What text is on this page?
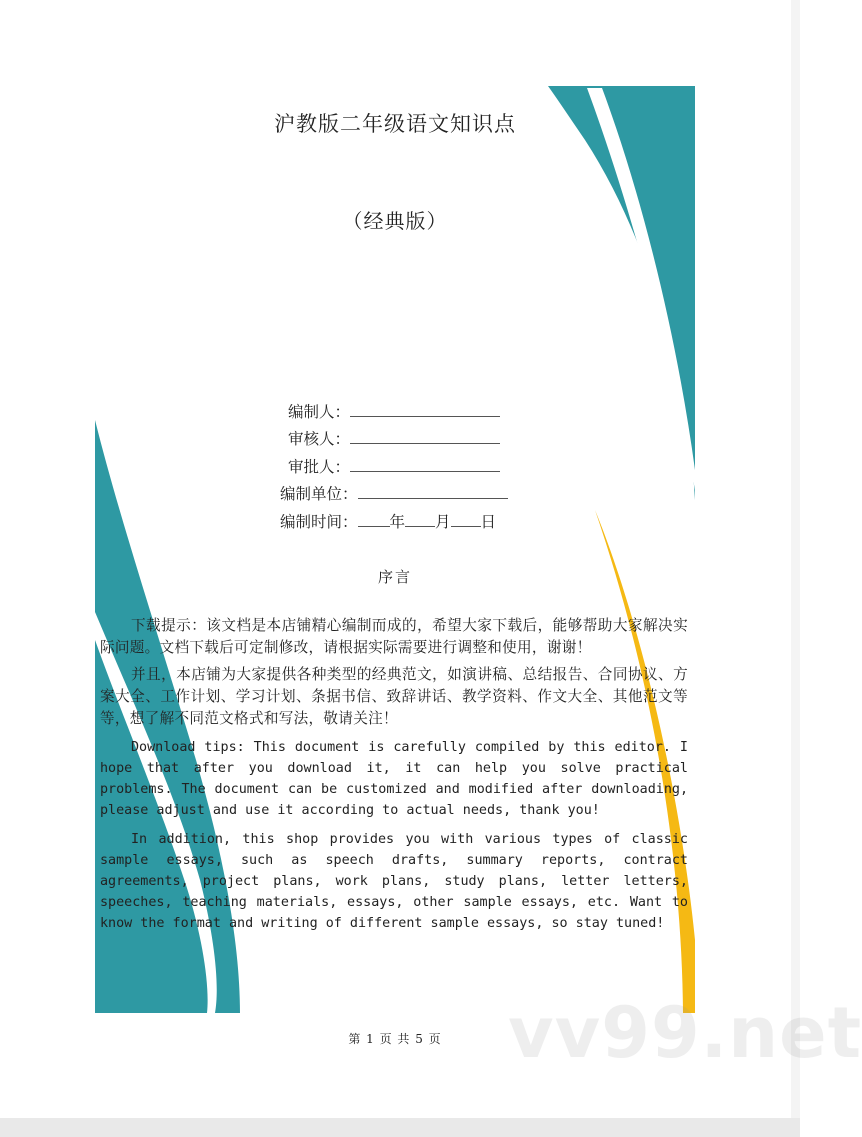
沪教版二年级语文知识点
（经典版）
编制人：
审核人：
审批人：
编制单位：
编制时间： 年 月 日
序言

下载提示：该文档是本店铺精心编制而成的，希望大家下载后，能够帮助大家解决实际问题。文档下载后可定制修改，请根据实际需要进行调整和使用，谢谢！

并且，本店铺为大家提供各种类型的经典范文，如演讲稿、总结报告、合同协议、方案大全、工作计划、学习计划、条据书信、致辞讲话、教学资料、作文大全、其他范文等等，想了解不同范文格式和写法，敬请关注！

Download tips: This document is carefully compiled by this editor. I hope that after you download it, it can help you solve practical problems. The document can be customized and modified after downloading, please adjust and use it according to actual needs, thank you!

In addition, this shop provides you with various types of classic sample essays, such as speech drafts, summary reports, contract agreements, project plans, work plans, study plans, letter letters, speeches, teaching materials, essays, other sample essays, etc. Want to know the format and writing of different sample essays, so stay tuned!

第 1 页 共 5 页 vv99.net
